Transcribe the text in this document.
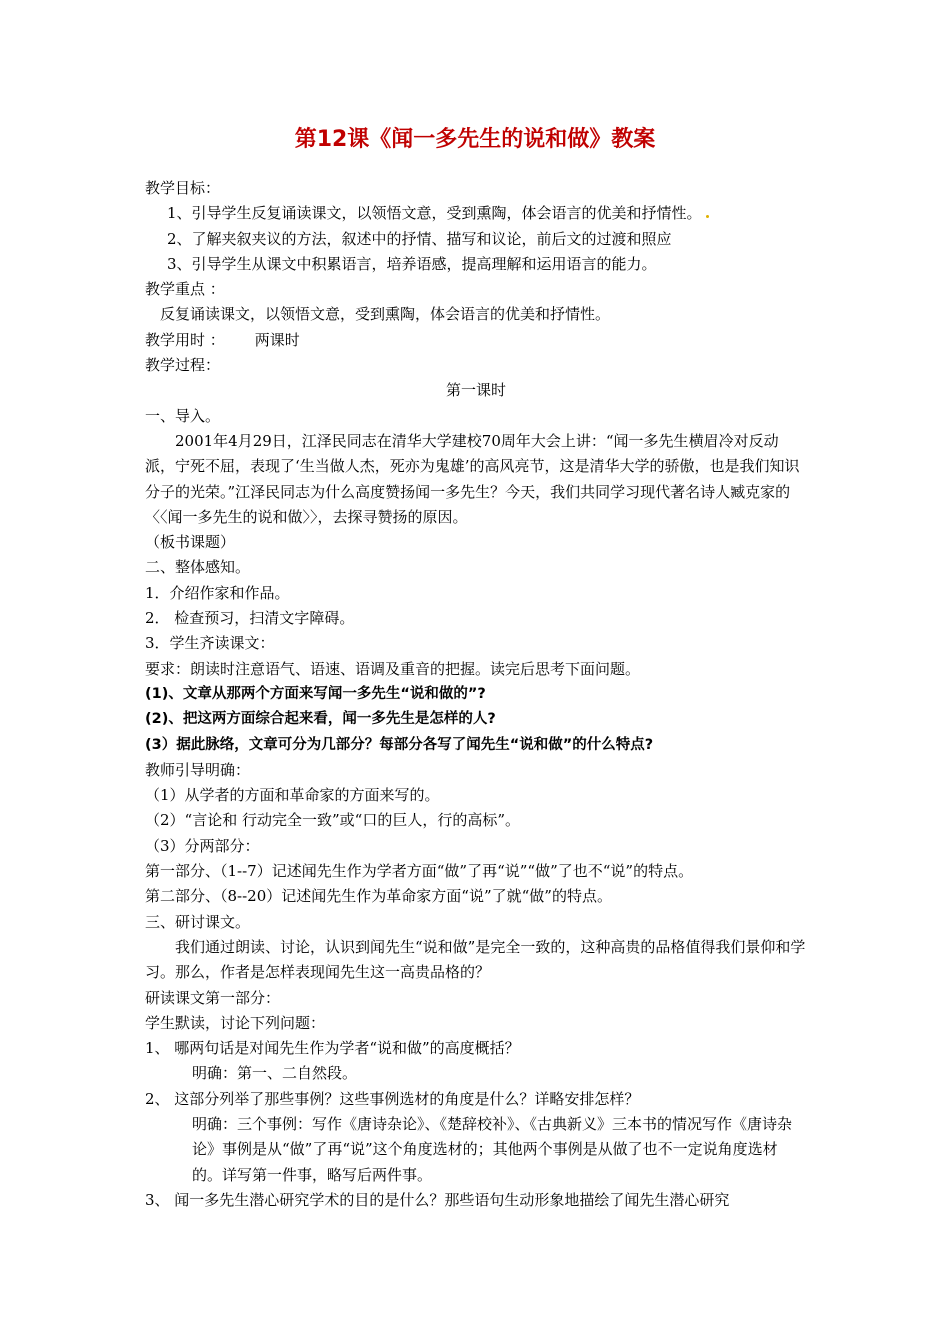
第12课《闻一多先生的说和做》教案

教学目标：

1、引导学生反复诵读课文，以领悟文意，受到熏陶，体会语言的优美和抒情性。

2、了解夹叙夹议的方法，叙述中的抒情、描写和议论，前后文的过渡和照应

3、引导学生从课文中积累语言，培养语感，提高理解和运用语言的能力。

教学重点 ：

反复诵读课文，以领悟文意，受到熏陶，体会语言的优美和抒情性。

教学用时 ： 两课时

教学过程：

第一课时

一、导入。

2001年4月29日，江泽民同志在清华大学建校70周年大会上讲：“闻一多先生横眉冷对反动派，宁死不屈，表现了‘生当做人杰，死亦为鬼雄’的高风亮节，这是清华大学的骄傲，也是我们知识分子的光荣。”江泽民同志为什么高度赞扬闻一多先生？今天，我们共同学习现代著名诗人臧克家的〈〈闻一多先生的说和做〉〉，去探寻赞扬的原因。

（板书课题）

二、整体感知。

1．介绍作家和作品。

2． 检查预习，扫清文字障碍。

3．学生齐读课文：

要求：朗读时注意语气、语速、语调及重音的把握。读完后思考下面问题。

(1)、文章从那两个方面来写闻一多先生“说和做的”?

(2)、把这两方面综合起来看，闻一多先生是怎样的人?

(3）据此脉络，文章可分为几部分？每部分各写了闻先生“说和做”的什么特点?

教师引导明确：

（1）从学者的方面和革命家的方面来写的。

（2）“言论和 行动完全一致”或“口的巨人，行的高标”。

（3）分两部分：

第一部分、（1--7）记述闻先生作为学者方面“做”了再“说”“做”了也不“说”的特点。

第二部分、（8--20）记述闻先生作为革命家方面“说”了就“做”的特点。

三、研讨课文。

我们通过朗读、讨论，认识到闻先生“说和做”是完全一致的，这种高贵的品格值得我们景仰和学习。那么，作者是怎样表现闻先生这一高贵品格的？

研读课文第一部分：

学生默读，讨论下列问题：

1、 哪两句话是对闻先生作为学者“说和做”的高度概括？

明确：第一、二自然段。

2、 这部分列举了那些事例？这些事例选材的角度是什么？详略安排怎样？

明确：三个事例：写作《唐诗杂论》、《楚辞校补》、《古典新义》三本书的情况写作《唐诗杂论》事例是从“做”了再“说”这个角度选材的；其他两个事例是从做了也不一定说角度选材的。详写第一件事，略写后两件事。

3、 闻一多先生潜心研究学术的目的是什么？那些语句生动形象地描绘了闻先生潜心研究
